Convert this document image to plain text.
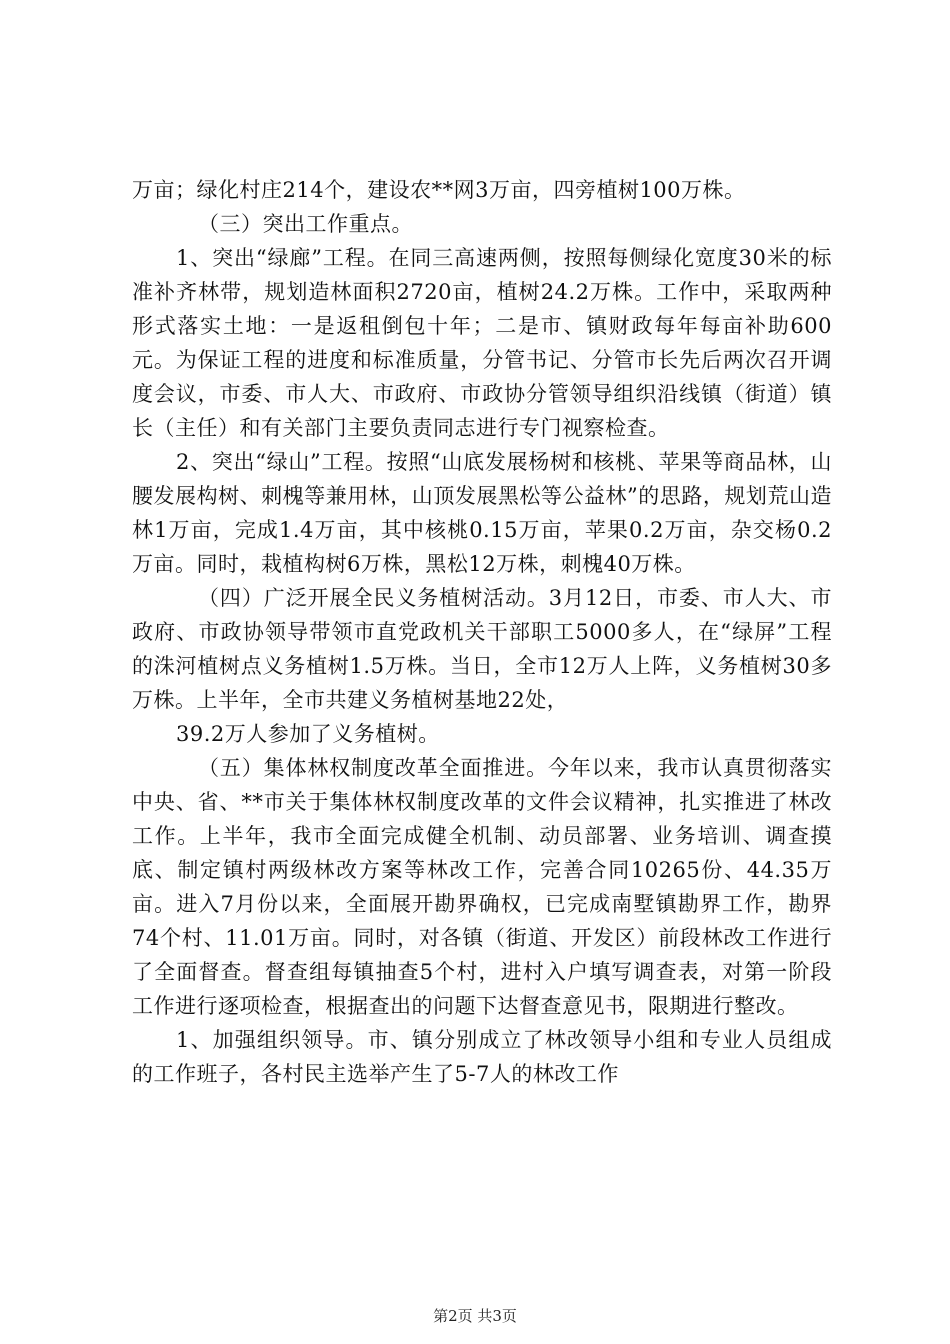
万亩；绿化村庄214个，建设农**网3万亩，四旁植树100万株。

（三）突出工作重点。

1、突出“绿廊”工程。在同三高速两侧，按照每侧绿化宽度30米的标准补齐林带，规划造林面积2720亩，植树24.2万株。工作中，采取两种形式落实土地：一是返租倒包十年；二是市、镇财政每年每亩补助600元。为保证工程的进度和标准质量，分管书记、分管市长先后两次召开调度会议，市委、市人大、市政府、市政协分管领导组织沿线镇（街道）镇长（主任）和有关部门主要负责同志进行专门视察检查。

2、突出“绿山”工程。按照“山底发展杨树和核桃、苹果等商品林，山腰发展构树、刺槐等兼用林，山顶发展黑松等公益林”的思路，规划荒山造林1万亩，完成1.4万亩，其中核桃0.15万亩，苹果0.2万亩，杂交杨0.2万亩。同时，栽植构树6万株，黑松12万株，刺槐40万株。

（四）广泛开展全民义务植树活动。3月12日，市委、市人大、市政府、市政协领导带领市直党政机关干部职工5000多人，在“绿屏”工程的洙河植树点义务植树1.5万株。当日，全市12万人上阵，义务植树30多万株。上半年，全市共建义务植树基地22处，

39.2万人参加了义务植树。

（五）集体林权制度改革全面推进。今年以来，我市认真贯彻落实中央、省、**市关于集体林权制度改革的文件会议精神，扎实推进了林改工作。上半年，我市全面完成健全机制、动员部署、业务培训、调查摸底、制定镇村两级林改方案等林改工作，完善合同10265份、44.35万亩。进入7月份以来，全面展开勘界确权，已完成南墅镇勘界工作，勘界74个村、11.01万亩。同时，对各镇（街道、开发区）前段林改工作进行了全面督查。督查组每镇抽查5个村，进村入户填写调查表，对第一阶段工作进行逐项检查，根据查出的问题下达督查意见书，限期进行整改。

1、加强组织领导。市、镇分别成立了林改领导小组和专业人员组成的工作班子，各村民主选举产生了5-7人的林改工作

第2页 共3页
